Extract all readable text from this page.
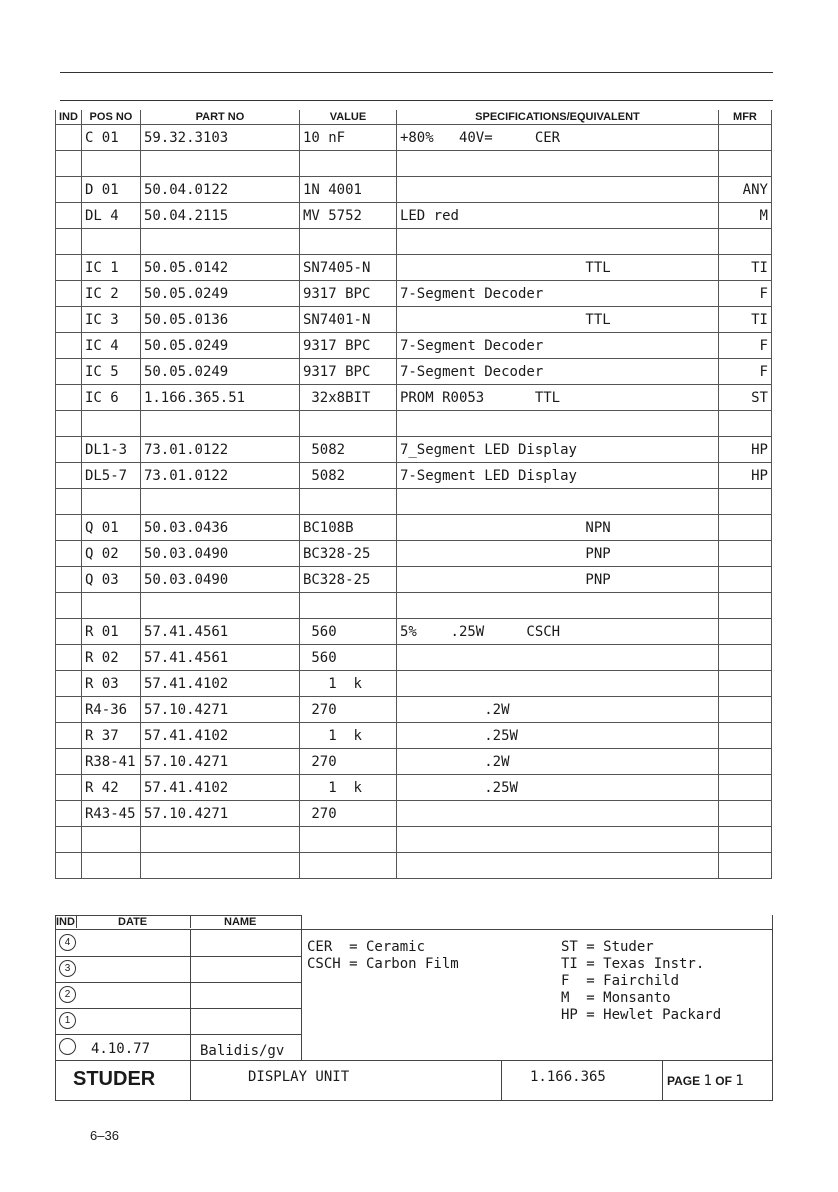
IND	POS NO	PART NO	VALUE	SPECIFICATIONS/EQUIVALENT	MFR
	C 01	59.32.3103	10 nF	+80%   40V=     CER	

	D 01	50.04.0122	1N 4001		ANY
	DL 4	50.04.2115	MV 5752	LED red	M

	IC 1	50.05.0142	SN7405-N	TTL	TI
	IC 2	50.05.0249	9317 BPC	7-Segment Decoder	F
	IC 3	50.05.0136	SN7401-N	TTL	TI
	IC 4	50.05.0249	9317 BPC	7-Segment Decoder	F
	IC 5	50.05.0249	9317 BPC	7-Segment Decoder	F
	IC 6	1.166.365.51	32x8BIT	PROM R0053      TTL	ST

	DL1-3	73.01.0122	5082	7_Segment LED Display	HP
	DL5-7	73.01.0122	5082	7-Segment LED Display	HP

	Q 01	50.03.0436	BC108B	NPN	
	Q 02	50.03.0490	BC328-25	PNP	
	Q 03	50.03.0490	BC328-25	PNP	

	R 01	57.41.4561	560	5%    .25W     CSCH	
	R 02	57.41.4561	560		
	R 03	57.41.4102	1  k		
	R4-36	57.10.4271	270	.2W	
	R 37	57.41.4102	1  k	.25W	
	R38-41	57.10.4271	270	.2W	
	R 42	57.41.4102	1  k	.25W	
	R43-45	57.10.4271	270		

IND	DATE	NAME
4
3
2
1
4.10.77	Balidis/gv
CER  = Ceramic
CSCH = Carbon Film
ST = Studer
TI = Texas Instr.
F  = Fairchild
M  = Monsanto
HP = Hewlet Packard
STUDER	DISPLAY UNIT	1.166.365	PAGE 1 OF 1
6–36
